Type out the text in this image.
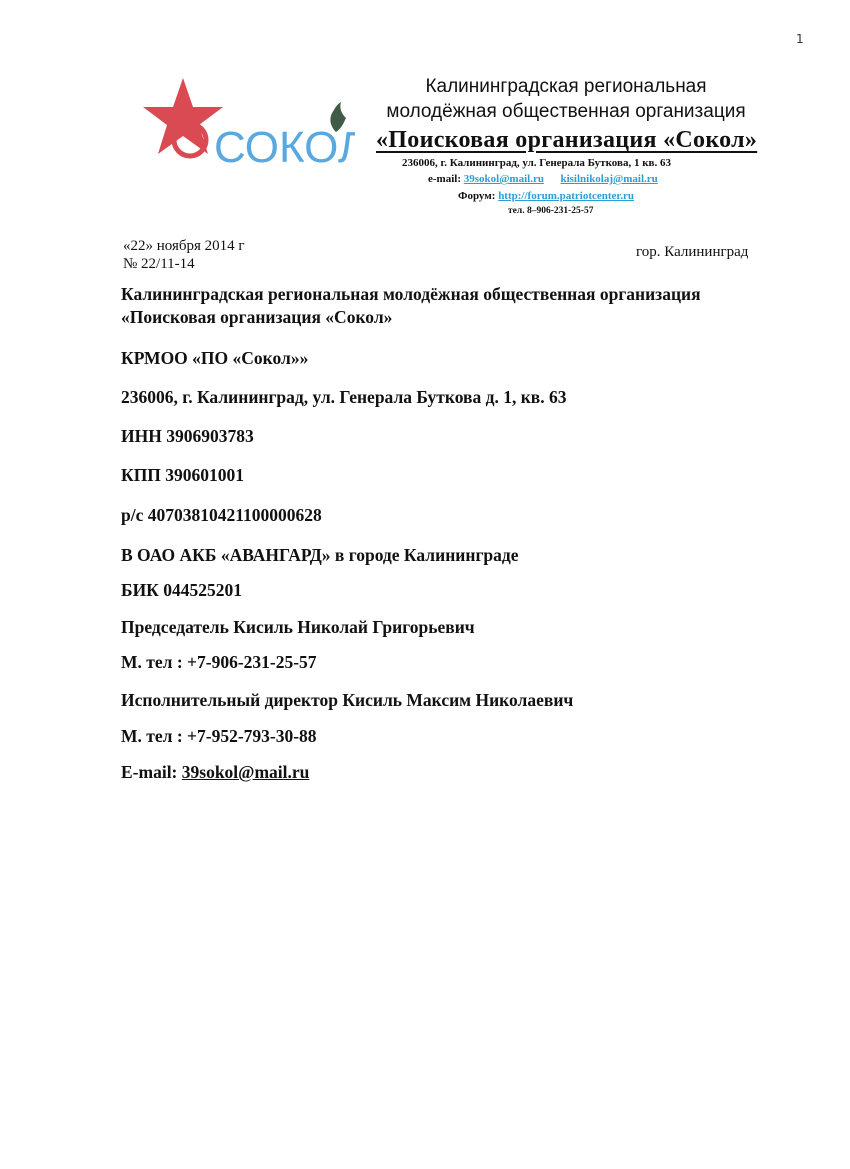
1
СОКОЛ
Калининградская региональная
молодёжная общественная организация
«Поисковая организация «Сокол»
236006, г. Калининград, ул. Генерала Буткова, 1 кв. 63
e-mail: 39sokol@mail.ru kisilnikolaj@mail.ru
Форум: http://forum.patriotcenter.ru
тел. 8–906-231-25-57
«22» ноября 2014 г
№ 22/11-14
гор. Калининград
Калининградская региональная молодёжная общественная организация
«Поисковая организация «Сокол»
КРМОО «ПО «Сокол»»
236006, г. Калининград, ул. Генерала Буткова д. 1, кв. 63
ИНН 3906903783
КПП 390601001
р/с 40703810421100000628
В ОАО АКБ «АВАНГАРД» в городе Калининграде
БИК 044525201
Председатель Кисиль Николай Григорьевич
М. тел : +7-906-231-25-57
Исполнительный директор Кисиль Максим Николаевич
М. тел : +7-952-793-30-88
E-mail: 39sokol@mail.ru
